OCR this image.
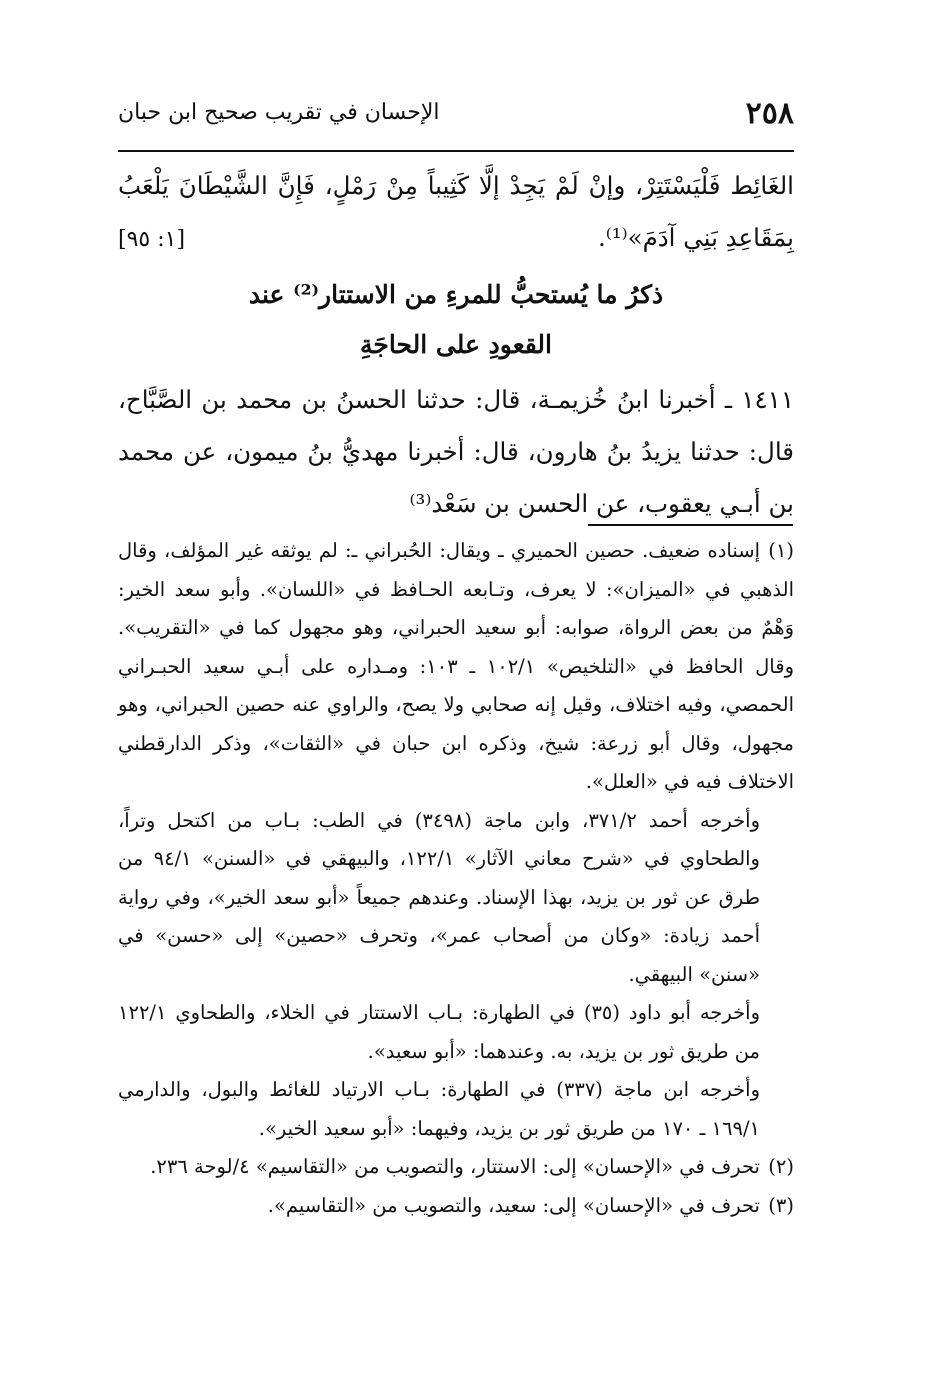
٢٥٨
الإحسان في تقريب صحيح ابن حبان
الغَائِط فَلْيَسْتَتِرْ، وإنْ لَمْ يَجِدْ إلَّا كَثِيباً مِنْ رَمْلٍ، فَإِنَّ الشَّيْطَانَ يَلْعَبُ بِمَقَاعِدِ بَنِي آدَمَ»⁽¹⁾.
[١: ٩٥]
ذكرُ ما يُستحبُّ للمرءِ من الاستتار⁽²⁾ عند
القعودِ على الحاجَةِ
١٤١١ ـ أخبرنا ابنُ خُزيمـة، قال: حدثنا الحسنُ بن محمد بن الصَّبَّاح، قال: حدثنا يزيدُ بنُ هارون، قال: أخبرنا مهديُّ بنُ ميمون، عن محمد بن أبـي يعقوب، عن الحسن بن سَعْد⁽³⁾

(١)إسناده ضعيف. حصين الحميري ـ ويقال: الحُبراني ـ: لم يوثقه غير المؤلف، وقال الذهبي في «الميزان»: لا يعرف، وتـابعه الحـافظ في «اللسان». وأبو سعد الخير: وَهْمٌ من بعض الرواة، صوابه: أبو سعيد الحبراني، وهو مجهول كما في «التقريب». وقال الحافظ في «التلخيص» ١٠٢/١ ـ ١٠٣: ومـداره على أبـي سعيد الحبـراني الحمصي، وفيه اختلاف، وقيل إنه صحابي ولا يصح، والراوي عنه حصين الحبراني، وهو مجهول، وقال أبو زرعة: شيخ، وذكره ابن حبان في «الثقات»، وذكر الدارقطني الاختلاف فيه في «العلل».

وأخرجه أحمد ٣٧١/٢، وابن ماجة (٣٤٩٨) في الطب: بـاب من اكتحل وتراً، والطحاوي في «شرح معاني الآثار» ١٢٢/١، والبيهقي في «السنن» ٩٤/١ من طرق عن ثور بن يزيد، بهذا الإسناد. وعندهم جميعاً «أبو سعد الخير»، وفي رواية أحمد زيادة: «وكان من أصحاب عمر»، وتحرف «حصين» إلى «حسن» في «سنن» البيهقي.

وأخرجه أبو داود (٣٥) في الطهارة: بـاب الاستتار في الخلاء، والطحاوي ١٢٢/١ من طريق ثور بن يزيد، به. وعندهما: «أبو سعيد».

وأخرجه ابن ماجة (٣٣٧) في الطهارة: بـاب الارتياد للغائط والبول، والدارمي ١٦٩/١ ـ ١٧٠ من طريق ثور بن يزيد، وفيهما: «أبو سعيد الخير».

(٢)تحرف في «الإحسان» إلى: الاستتار، والتصويب من «التقاسيم» ٤/لوحة ٢٣٦.

(٣)تحرف في «الإحسان» إلى: سعيد، والتصويب من «التقاسيم».
